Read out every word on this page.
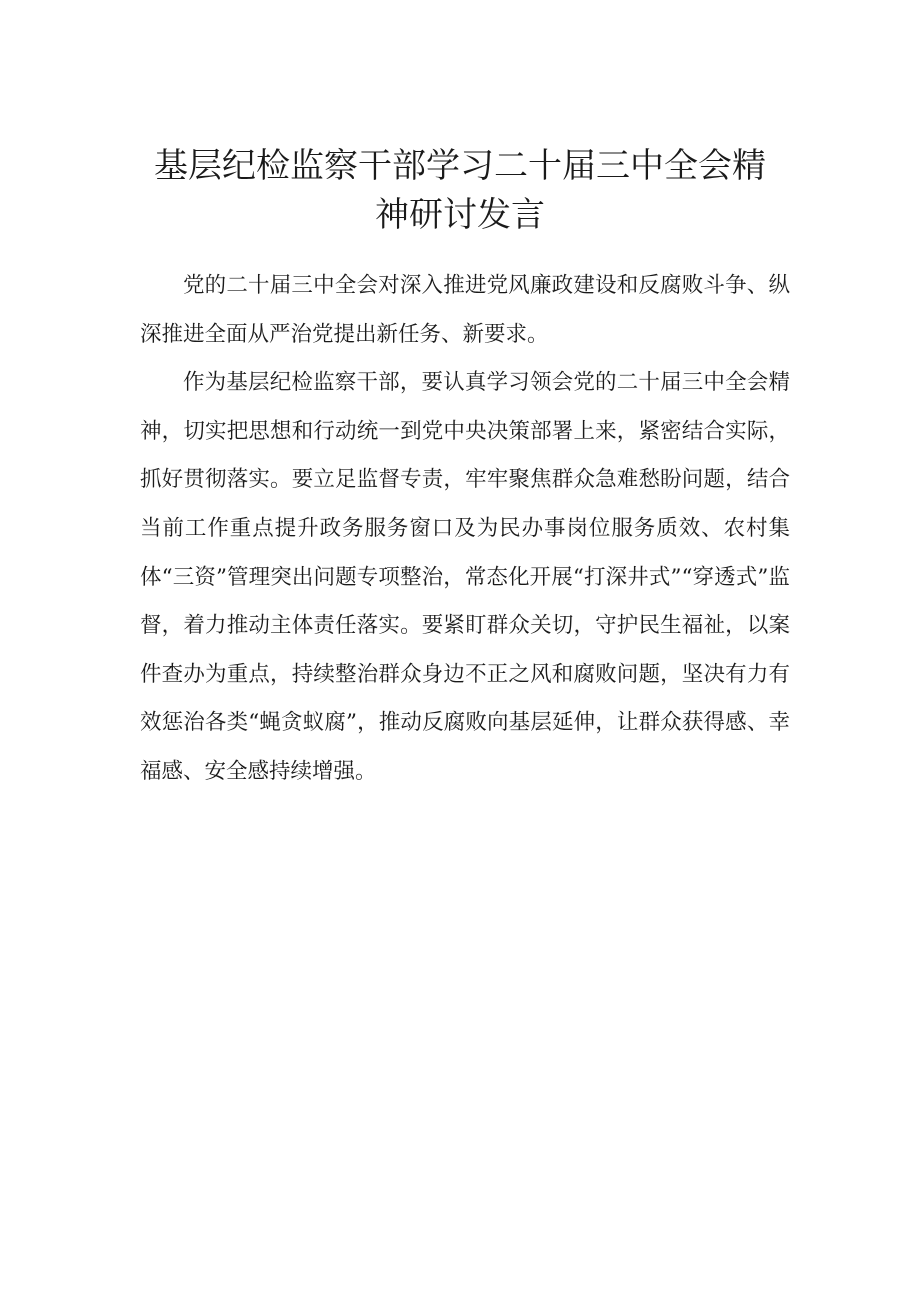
基层纪检监察干部学习二十届三中全会精
神研讨发言

党的二十届三中全会对深入推进党风廉政建设和反腐败斗争、纵深推进全面从严治党提出新任务、新要求。

作为基层纪检监察干部，要认真学习领会党的二十届三中全会精神，切实把思想和行动统一到党中央决策部署上来，紧密结合实际，抓好贯彻落实。要立足监督专责，牢牢聚焦群众急难愁盼问题，结合当前工作重点提升政务服务窗口及为民办事岗位服务质效、农村集体“三资”管理突出问题专项整治，常态化开展“打深井式”“穿透式”监督，着力推动主体责任落实。要紧盯群众关切，守护民生福祉，以案件查办为重点，持续整治群众身边不正之风和腐败问题，坚决有力有效惩治各类“蝇贪蚁腐”，推动反腐败向基层延伸，让群众获得感、幸福感、安全感持续增强。
